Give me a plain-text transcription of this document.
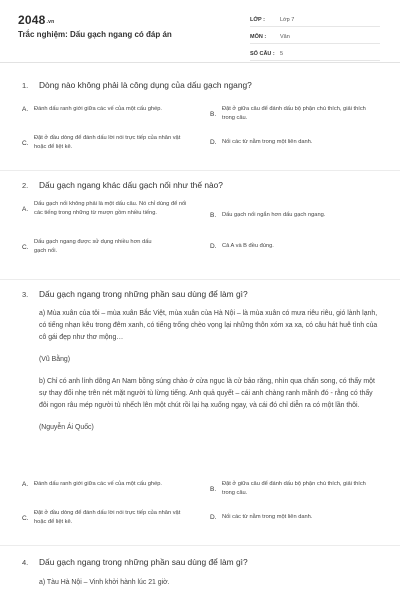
2048.vn
Trắc nghiệm: Dấu gạch ngang có đáp án
LỚP :	Lớp 7
MÔN :	Văn
SỐ CÂU : 5
1.	Dòng nào không phải là công dụng của dấu gạch ngang?
A.	Đánh dấu ranh giới giữa các vế của một cấu ghép.
B.
Đặt ở giữa câu để đánh dấu bộ phận chú thích, giải thích trong câu.
C.
Đặt ở đầu dòng để đánh dấu lời nói trực tiếp của nhân vật hoặc để liệt kê.
D. Nối các từ nằm trong một liên danh.
2.	Dấu gạch ngang khác dấu gạch nối như thế nào?
A.
Dấu gạch nối không phải là một dấu câu. Nó chỉ dùng để nối các tiếng trong những từ mượn gồm nhiều tiếng.	B.	Dấu gạch nối ngắn hơn dấu gạch ngang.
C.
Dấu gạch ngang được sử dụng nhiều hơn dấu gạch nối.
D. Cả A và B đều đúng.
3.	Dấu gạch ngang trong những phần sau dùng để làm gì?

a) Mùa xuân của tôi – mùa xuân Bắc Việt, mùa xuân của Hà Nội – là mùa xuân có mưa riêu riêu, gió lành lạnh, có tiếng nhạn kêu trong đêm xanh, có tiếng trống chèo vọng lại những thôn xóm xa xa, có câu hát huê tình của cô gái đẹp như thơ mộng…

(Vũ Bằng)

b) Chỉ có anh lính dõng An Nam bồng súng chào ở cửa ngục là cử bảo răng, nhìn qua chấn song, có thấy một sự thay đổi nhẹ trên nét mặt người tù lừng tiếng. Anh quả quyết – cái anh chàng ranh mãnh đó - rằng có thấy đôi ngon râu mép người tù nhếch lên một chút rồi lại hạ xuống ngay, và cái đó chỉ diễn ra có một lần thôi.

(Nguyễn Ái Quốc)

A.	Đánh dấu ranh giới giữa các vế của một cấu ghép.
B.
Đặt ở giữa câu để đánh dấu bộ phận chú thích, giải thích trong câu.
C.
Đặt ở đầu dòng để đánh dấu lời nói trực tiếp của nhân vật hoặc để liệt kê.
D. Nối các từ nằm trong một liên danh.
4.	Dấu gạch ngang trong những phần sau dùng để làm gì?

a) Tàu Hà Nội – Vinh khởi hành lúc 21 giờ.
